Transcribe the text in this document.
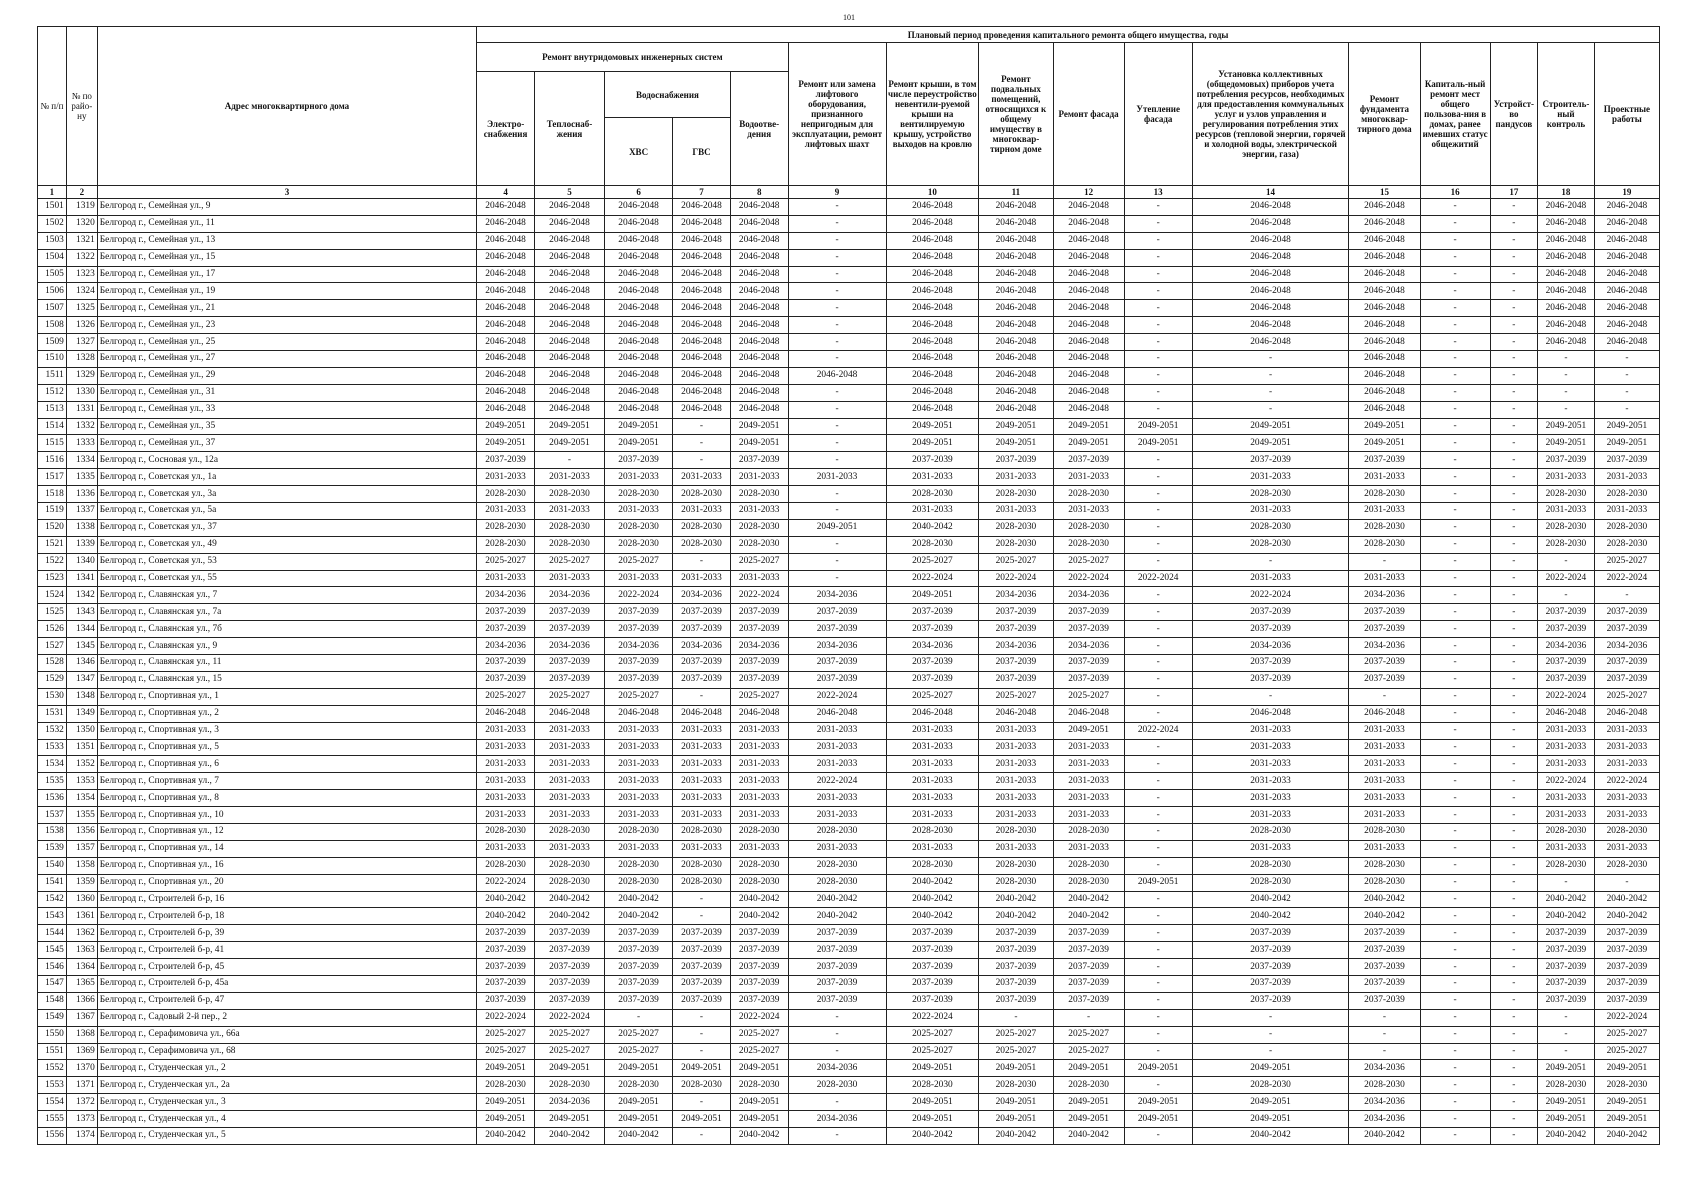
101
№ п/п	№ по райо-ну	Адрес многоквартирного дома	Плановый период проведения капитального ремонта общего имущества, годы															
			Ремонт внутридомовых инженерных систем					Ремонт или замена лифтового оборудования, признанного непригодным для эксплуатации, ремонт лифтовых шахт	Ремонт крыши, в том числе переустройство невентили-руемой крыши на вентилируемую крышу, устройство выходов на кровлю	Ремонт подвальных помещений, относящихся к общему имуществу в многоквар-тирном доме	Ремонт фасада	Утепление фасада	Установка коллективных (общедомовых) приборов учета потребления ресурсов, необходимых для предоставления коммунальных услуг и узлов управления и регулирования потребления этих ресурсов (тепловой энергии, горячей и холодной воды, электрической энергии, газа)	Ремонт фундамента многоквар-тирного дома	Капиталь-ный ремонт мест общего пользова-ния в домах, ранее имевших статус общежитий	Устройст-во пандусов	Строитель-ный контроль	Проектные работы
			Электро-снабжения	Теплоснаб-жения	Водоснабжения		Водоотве-дения											
					ХВС	ГВС												
1	2	3	4	5	6	7	8	9	10	11	12	13	14	15	16	17	18	19
1501	1319	Белгород г., Семейная ул., 9	2046-2048	2046-2048	2046-2048	2046-2048	2046-2048	-	2046-2048	2046-2048	2046-2048	-	2046-2048	2046-2048	-	-	2046-2048	2046-2048
1502	1320	Белгород г., Семейная ул., 11	2046-2048	2046-2048	2046-2048	2046-2048	2046-2048	-	2046-2048	2046-2048	2046-2048	-	2046-2048	2046-2048	-	-	2046-2048	2046-2048
1503	1321	Белгород г., Семейная ул., 13	2046-2048	2046-2048	2046-2048	2046-2048	2046-2048	-	2046-2048	2046-2048	2046-2048	-	2046-2048	2046-2048	-	-	2046-2048	2046-2048
1504	1322	Белгород г., Семейная ул., 15	2046-2048	2046-2048	2046-2048	2046-2048	2046-2048	-	2046-2048	2046-2048	2046-2048	-	2046-2048	2046-2048	-	-	2046-2048	2046-2048
1505	1323	Белгород г., Семейная ул., 17	2046-2048	2046-2048	2046-2048	2046-2048	2046-2048	-	2046-2048	2046-2048	2046-2048	-	2046-2048	2046-2048	-	-	2046-2048	2046-2048
1506	1324	Белгород г., Семейная ул., 19	2046-2048	2046-2048	2046-2048	2046-2048	2046-2048	-	2046-2048	2046-2048	2046-2048	-	2046-2048	2046-2048	-	-	2046-2048	2046-2048
1507	1325	Белгород г., Семейная ул., 21	2046-2048	2046-2048	2046-2048	2046-2048	2046-2048	-	2046-2048	2046-2048	2046-2048	-	2046-2048	2046-2048	-	-	2046-2048	2046-2048
1508	1326	Белгород г., Семейная ул., 23	2046-2048	2046-2048	2046-2048	2046-2048	2046-2048	-	2046-2048	2046-2048	2046-2048	-	2046-2048	2046-2048	-	-	2046-2048	2046-2048
1509	1327	Белгород г., Семейная ул., 25	2046-2048	2046-2048	2046-2048	2046-2048	2046-2048	-	2046-2048	2046-2048	2046-2048	-	2046-2048	2046-2048	-	-	2046-2048	2046-2048
1510	1328	Белгород г., Семейная ул., 27	2046-2048	2046-2048	2046-2048	2046-2048	2046-2048	-	2046-2048	2046-2048	2046-2048	-	-	2046-2048	-	-	-	-
1511	1329	Белгород г., Семейная ул., 29	2046-2048	2046-2048	2046-2048	2046-2048	2046-2048	2046-2048	2046-2048	2046-2048	2046-2048	-	-	2046-2048	-	-	-	-
1512	1330	Белгород г., Семейная ул., 31	2046-2048	2046-2048	2046-2048	2046-2048	2046-2048	-	2046-2048	2046-2048	2046-2048	-	-	2046-2048	-	-	-	-
1513	1331	Белгород г., Семейная ул., 33	2046-2048	2046-2048	2046-2048	2046-2048	2046-2048	-	2046-2048	2046-2048	2046-2048	-	-	2046-2048	-	-	-	-
1514	1332	Белгород г., Семейная ул., 35	2049-2051	2049-2051	2049-2051	-	2049-2051	-	2049-2051	2049-2051	2049-2051	2049-2051	2049-2051	2049-2051	-	-	2049-2051	2049-2051
1515	1333	Белгород г., Семейная ул., 37	2049-2051	2049-2051	2049-2051	-	2049-2051	-	2049-2051	2049-2051	2049-2051	2049-2051	2049-2051	2049-2051	-	-	2049-2051	2049-2051
1516	1334	Белгород г., Сосновая ул., 12а	2037-2039	-	2037-2039	-	2037-2039	-	2037-2039	2037-2039	2037-2039	-	2037-2039	2037-2039	-	-	2037-2039	2037-2039
1517	1335	Белгород г., Советская ул., 1а	2031-2033	2031-2033	2031-2033	2031-2033	2031-2033	2031-2033	2031-2033	2031-2033	2031-2033	-	2031-2033	2031-2033	-	-	2031-2033	2031-2033
1518	1336	Белгород г., Советская ул., 3а	2028-2030	2028-2030	2028-2030	2028-2030	2028-2030	-	2028-2030	2028-2030	2028-2030	-	2028-2030	2028-2030	-	-	2028-2030	2028-2030
1519	1337	Белгород г., Советская ул., 5а	2031-2033	2031-2033	2031-2033	2031-2033	2031-2033	-	2031-2033	2031-2033	2031-2033	-	2031-2033	2031-2033	-	-	2031-2033	2031-2033
1520	1338	Белгород г., Советская ул., 37	2028-2030	2028-2030	2028-2030	2028-2030	2028-2030	2049-2051	2040-2042	2028-2030	2028-2030	-	2028-2030	2028-2030	-	-	2028-2030	2028-2030
1521	1339	Белгород г., Советская ул., 49	2028-2030	2028-2030	2028-2030	2028-2030	2028-2030	-	2028-2030	2028-2030	2028-2030	-	2028-2030	2028-2030	-	-	2028-2030	2028-2030
1522	1340	Белгород г., Советская ул., 53	2025-2027	2025-2027	2025-2027	-	2025-2027	-	2025-2027	2025-2027	2025-2027	-	-	-	-	-	-	2025-2027
1523	1341	Белгород г., Советская ул., 55	2031-2033	2031-2033	2031-2033	2031-2033	2031-2033	-	2022-2024	2022-2024	2022-2024	2022-2024	2031-2033	2031-2033	-	-	2022-2024	2022-2024
1524	1342	Белгород г., Славянская ул., 7	2034-2036	2034-2036	2022-2024	2034-2036	2022-2024	2034-2036	2049-2051	2034-2036	2034-2036	-	2022-2024	2034-2036	-	-	-	-
1525	1343	Белгород г., Славянская ул., 7а	2037-2039	2037-2039	2037-2039	2037-2039	2037-2039	2037-2039	2037-2039	2037-2039	2037-2039	-	2037-2039	2037-2039	-	-	2037-2039	2037-2039
1526	1344	Белгород г., Славянская ул., 7б	2037-2039	2037-2039	2037-2039	2037-2039	2037-2039	2037-2039	2037-2039	2037-2039	2037-2039	-	2037-2039	2037-2039	-	-	2037-2039	2037-2039
1527	1345	Белгород г., Славянская ул., 9	2034-2036	2034-2036	2034-2036	2034-2036	2034-2036	2034-2036	2034-2036	2034-2036	2034-2036	-	2034-2036	2034-2036	-	-	2034-2036	2034-2036
1528	1346	Белгород г., Славянская ул., 11	2037-2039	2037-2039	2037-2039	2037-2039	2037-2039	2037-2039	2037-2039	2037-2039	2037-2039	-	2037-2039	2037-2039	-	-	2037-2039	2037-2039
1529	1347	Белгород г., Славянская ул., 15	2037-2039	2037-2039	2037-2039	2037-2039	2037-2039	2037-2039	2037-2039	2037-2039	2037-2039	-	2037-2039	2037-2039	-	-	2037-2039	2037-2039
1530	1348	Белгород г., Спортивная ул., 1	2025-2027	2025-2027	2025-2027	-	2025-2027	2022-2024	2025-2027	2025-2027	2025-2027	-	-	-	-	-	2022-2024	2025-2027
1531	1349	Белгород г., Спортивная ул., 2	2046-2048	2046-2048	2046-2048	2046-2048	2046-2048	2046-2048	2046-2048	2046-2048	2046-2048	-	2046-2048	2046-2048	-	-	2046-2048	2046-2048
1532	1350	Белгород г., Спортивная ул., 3	2031-2033	2031-2033	2031-2033	2031-2033	2031-2033	2031-2033	2031-2033	2031-2033	2049-2051	2022-2024	2031-2033	2031-2033	-	-	2031-2033	2031-2033
1533	1351	Белгород г., Спортивная ул., 5	2031-2033	2031-2033	2031-2033	2031-2033	2031-2033	2031-2033	2031-2033	2031-2033	2031-2033	-	2031-2033	2031-2033	-	-	2031-2033	2031-2033
1534	1352	Белгород г., Спортивная ул., 6	2031-2033	2031-2033	2031-2033	2031-2033	2031-2033	2031-2033	2031-2033	2031-2033	2031-2033	-	2031-2033	2031-2033	-	-	2031-2033	2031-2033
1535	1353	Белгород г., Спортивная ул., 7	2031-2033	2031-2033	2031-2033	2031-2033	2031-2033	2022-2024	2031-2033	2031-2033	2031-2033	-	2031-2033	2031-2033	-	-	2022-2024	2022-2024
1536	1354	Белгород г., Спортивная ул., 8	2031-2033	2031-2033	2031-2033	2031-2033	2031-2033	2031-2033	2031-2033	2031-2033	2031-2033	-	2031-2033	2031-2033	-	-	2031-2033	2031-2033
1537	1355	Белгород г., Спортивная ул., 10	2031-2033	2031-2033	2031-2033	2031-2033	2031-2033	2031-2033	2031-2033	2031-2033	2031-2033	-	2031-2033	2031-2033	-	-	2031-2033	2031-2033
1538	1356	Белгород г., Спортивная ул., 12	2028-2030	2028-2030	2028-2030	2028-2030	2028-2030	2028-2030	2028-2030	2028-2030	2028-2030	-	2028-2030	2028-2030	-	-	2028-2030	2028-2030
1539	1357	Белгород г., Спортивная ул., 14	2031-2033	2031-2033	2031-2033	2031-2033	2031-2033	2031-2033	2031-2033	2031-2033	2031-2033	-	2031-2033	2031-2033	-	-	2031-2033	2031-2033
1540	1358	Белгород г., Спортивная ул., 16	2028-2030	2028-2030	2028-2030	2028-2030	2028-2030	2028-2030	2028-2030	2028-2030	2028-2030	-	2028-2030	2028-2030	-	-	2028-2030	2028-2030
1541	1359	Белгород г., Спортивная ул., 20	2022-2024	2028-2030	2028-2030	2028-2030	2028-2030	2028-2030	2040-2042	2028-2030	2028-2030	2049-2051	2028-2030	2028-2030	-	-	-	-
1542	1360	Белгород г., Строителей б-р, 16	2040-2042	2040-2042	2040-2042	-	2040-2042	2040-2042	2040-2042	2040-2042	2040-2042	-	2040-2042	2040-2042	-	-	2040-2042	2040-2042
1543	1361	Белгород г., Строителей б-р, 18	2040-2042	2040-2042	2040-2042	-	2040-2042	2040-2042	2040-2042	2040-2042	2040-2042	-	2040-2042	2040-2042	-	-	2040-2042	2040-2042
1544	1362	Белгород г., Строителей б-р, 39	2037-2039	2037-2039	2037-2039	2037-2039	2037-2039	2037-2039	2037-2039	2037-2039	2037-2039	-	2037-2039	2037-2039	-	-	2037-2039	2037-2039
1545	1363	Белгород г., Строителей б-р, 41	2037-2039	2037-2039	2037-2039	2037-2039	2037-2039	2037-2039	2037-2039	2037-2039	2037-2039	-	2037-2039	2037-2039	-	-	2037-2039	2037-2039
1546	1364	Белгород г., Строителей б-р, 45	2037-2039	2037-2039	2037-2039	2037-2039	2037-2039	2037-2039	2037-2039	2037-2039	2037-2039	-	2037-2039	2037-2039	-	-	2037-2039	2037-2039
1547	1365	Белгород г., Строителей б-р, 45а	2037-2039	2037-2039	2037-2039	2037-2039	2037-2039	2037-2039	2037-2039	2037-2039	2037-2039	-	2037-2039	2037-2039	-	-	2037-2039	2037-2039
1548	1366	Белгород г., Строителей б-р, 47	2037-2039	2037-2039	2037-2039	2037-2039	2037-2039	2037-2039	2037-2039	2037-2039	2037-2039	-	2037-2039	2037-2039	-	-	2037-2039	2037-2039
1549	1367	Белгород г., Садовый 2-й пер., 2	2022-2024	2022-2024	-	-	2022-2024	-	2022-2024	-	-	-	-	-	-	-	-	2022-2024
1550	1368	Белгород г., Серафимовича ул., 66а	2025-2027	2025-2027	2025-2027	-	2025-2027	-	2025-2027	2025-2027	2025-2027	-	-	-	-	-	-	2025-2027
1551	1369	Белгород г., Серафимовича ул., 68	2025-2027	2025-2027	2025-2027	-	2025-2027	-	2025-2027	2025-2027	2025-2027	-	-	-	-	-	-	2025-2027
1552	1370	Белгород г., Студенческая ул., 2	2049-2051	2049-2051	2049-2051	2049-2051	2049-2051	2034-2036	2049-2051	2049-2051	2049-2051	2049-2051	2049-2051	2034-2036	-	-	2049-2051	2049-2051
1553	1371	Белгород г., Студенческая ул., 2а	2028-2030	2028-2030	2028-2030	2028-2030	2028-2030	2028-2030	2028-2030	2028-2030	2028-2030	-	2028-2030	2028-2030	-	-	2028-2030	2028-2030
1554	1372	Белгород г., Студенческая ул., 3	2049-2051	2034-2036	2049-2051	-	2049-2051	-	2049-2051	2049-2051	2049-2051	2049-2051	2049-2051	2034-2036	-	-	2049-2051	2049-2051
1555	1373	Белгород г., Студенческая ул., 4	2049-2051	2049-2051	2049-2051	2049-2051	2049-2051	2034-2036	2049-2051	2049-2051	2049-2051	2049-2051	2049-2051	2034-2036	-	-	2049-2051	2049-2051
1556	1374	Белгород г., Студенческая ул., 5	2040-2042	2040-2042	2040-2042	-	2040-2042	-	2040-2042	2040-2042	2040-2042	-	2040-2042	2040-2042	-	-	2040-2042	2040-2042
